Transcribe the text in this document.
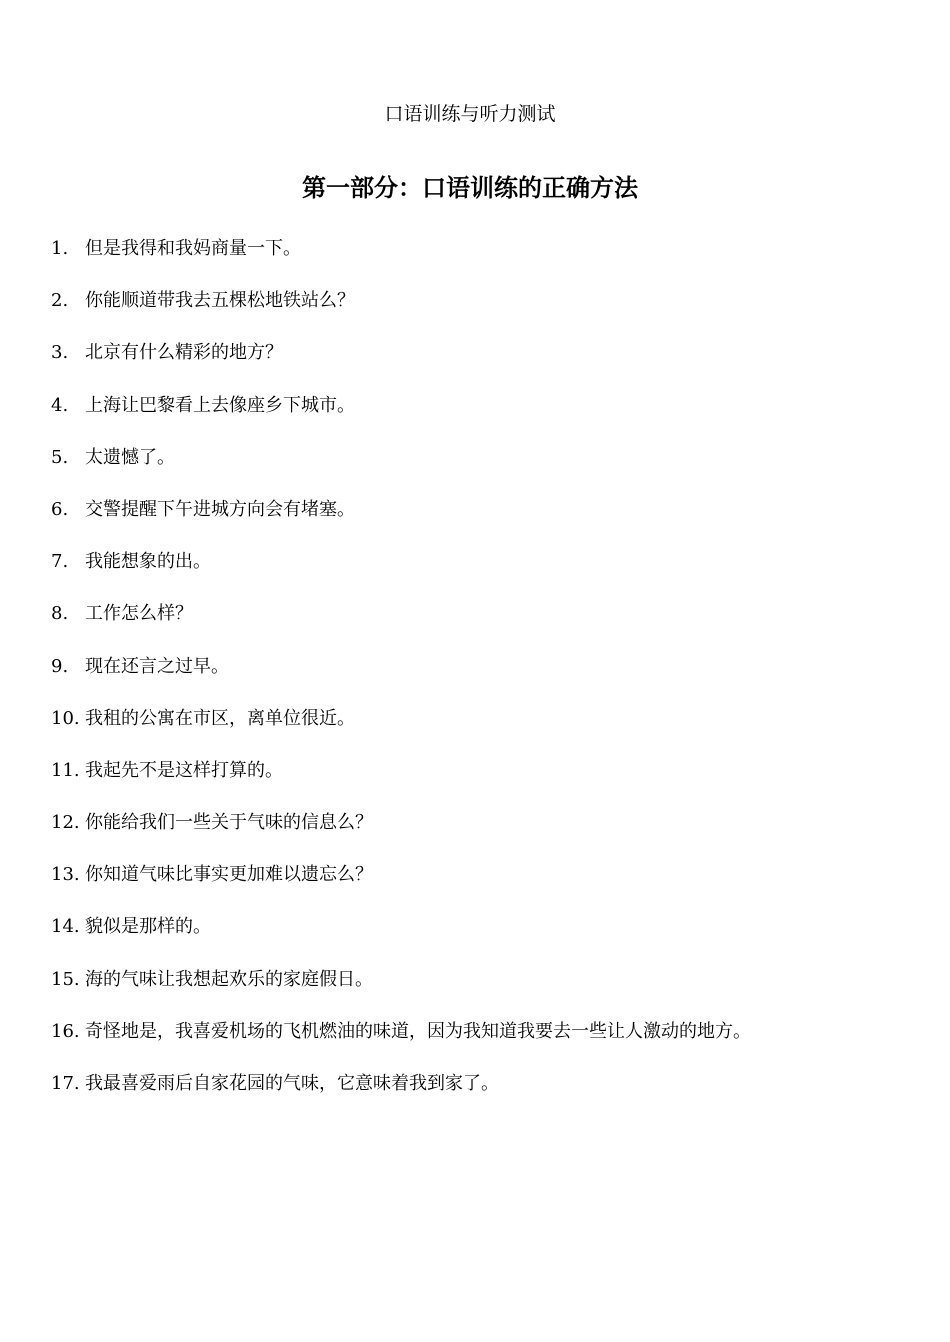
口语训练与听力测试
第一部分：口语训练的正确方法
1. 但是我得和我妈商量一下。
2. 你能顺道带我去五棵松地铁站么？
3. 北京有什么精彩的地方？
4. 上海让巴黎看上去像座乡下城市。
5. 太遗憾了。
6. 交警提醒下午进城方向会有堵塞。
7. 我能想象的出。
8. 工作怎么样？
9. 现在还言之过早。
10. 我租的公寓在市区，离单位很近。
11. 我起先不是这样打算的。
12. 你能给我们一些关于气味的信息么？
13. 你知道气味比事实更加难以遗忘么？
14. 貌似是那样的。
15. 海的气味让我想起欢乐的家庭假日。
16. 奇怪地是，我喜爱机场的飞机燃油的味道，因为我知道我要去一些让人激动的地方。
17. 我最喜爱雨后自家花园的气味，它意味着我到家了。
